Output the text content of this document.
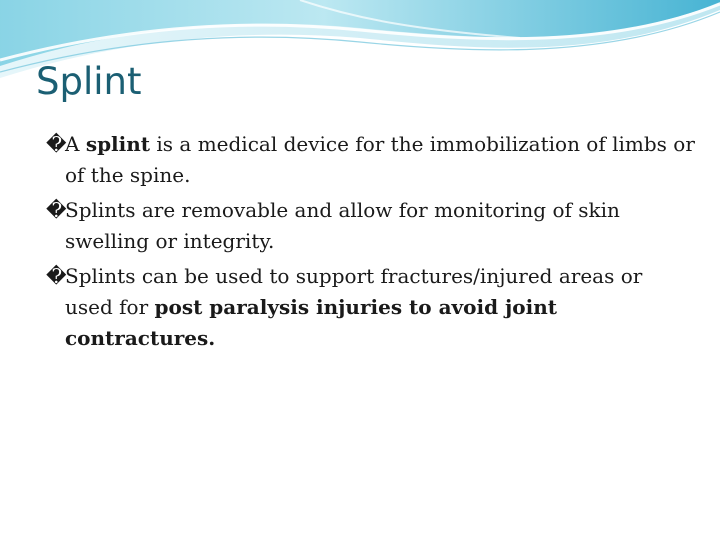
Splint
�
A splint is a medical device for the immobilization of limbs or of the spine.
�
Splints are removable and allow for monitoring of skin swelling or integrity.
�
Splints can be used to support fractures/injured areas or used for post paralysis injuries to avoid joint contractures.
